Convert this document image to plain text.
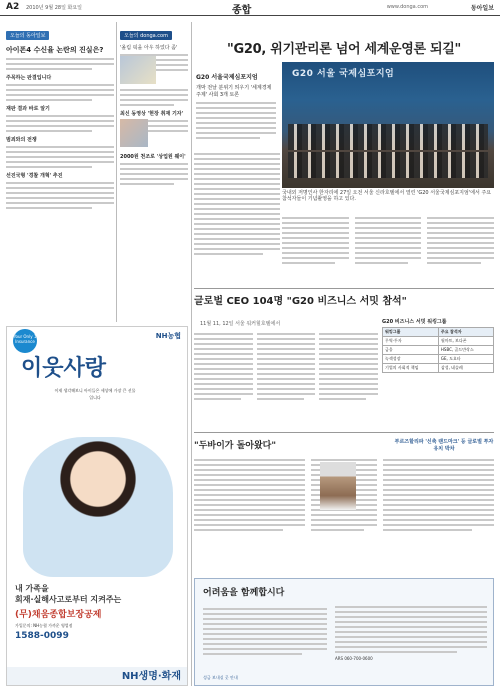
A2 2010년 9월 28일 화요일	종합	www.donga.com	동아일보
오늘의 동아일보
아이폰4 수신율 논란의 진실은?
주목하는 판결입니다
재판 결과 바로 알기
범죄와의 전쟁
선진국형 '경찰 개혁' 추진
오늘의 donga.com
'올림 픽을 아우 하었다 좀'
최신 동영상 '현장 취재 기자'
2000원 천조로 '상업원 웨이'
"G20, 위기관리론 넘어 세계운영론 되길"
G20 서울국제심포지엄
개막 전날 분위기 띄우기 '세계경제 주제' 사회 3개 토론
G20 서울 국제심포지엄
국내외 저명인사 한자리에 27일 오전 서울 신라호텔에서 열린 'G20 서울국제심포지엄'에서 주요 참석자들이 기념촬영을 하고 있다.
글로벌 CEO 104명 "G20 비즈니스 서밋 참석"
11월 11, 12일 서울 워커힐호텔에서	G20 비즈니스 서밋 워킹그룹
워킹그룹	주요 참석자
무역·투자	월마트, 보다폰
금융	HSBC, 골드만삭스
녹색성장	GE, 도요타
기업의 사회적 책임	삼성, 네슬레
"두바이가 돌아왔다"	부르즈할리파 '신축 랜드마크' 등 글로벌 투자 유치 박차
어려움을 함께합시다
ARS 060-700-0600
성금 보내실 곳 안내
Your Only 1 Insurance
NH농협
이웃사랑
이제 생각해보니 아이들은 세상에 가장 큰 선물입니다
내 가족을
회재·실해사고로부터 지켜주는
(무)채움종합보장공제
가입문의: NH농협 가까운 영업점
1588-0099
NH생명·화재
